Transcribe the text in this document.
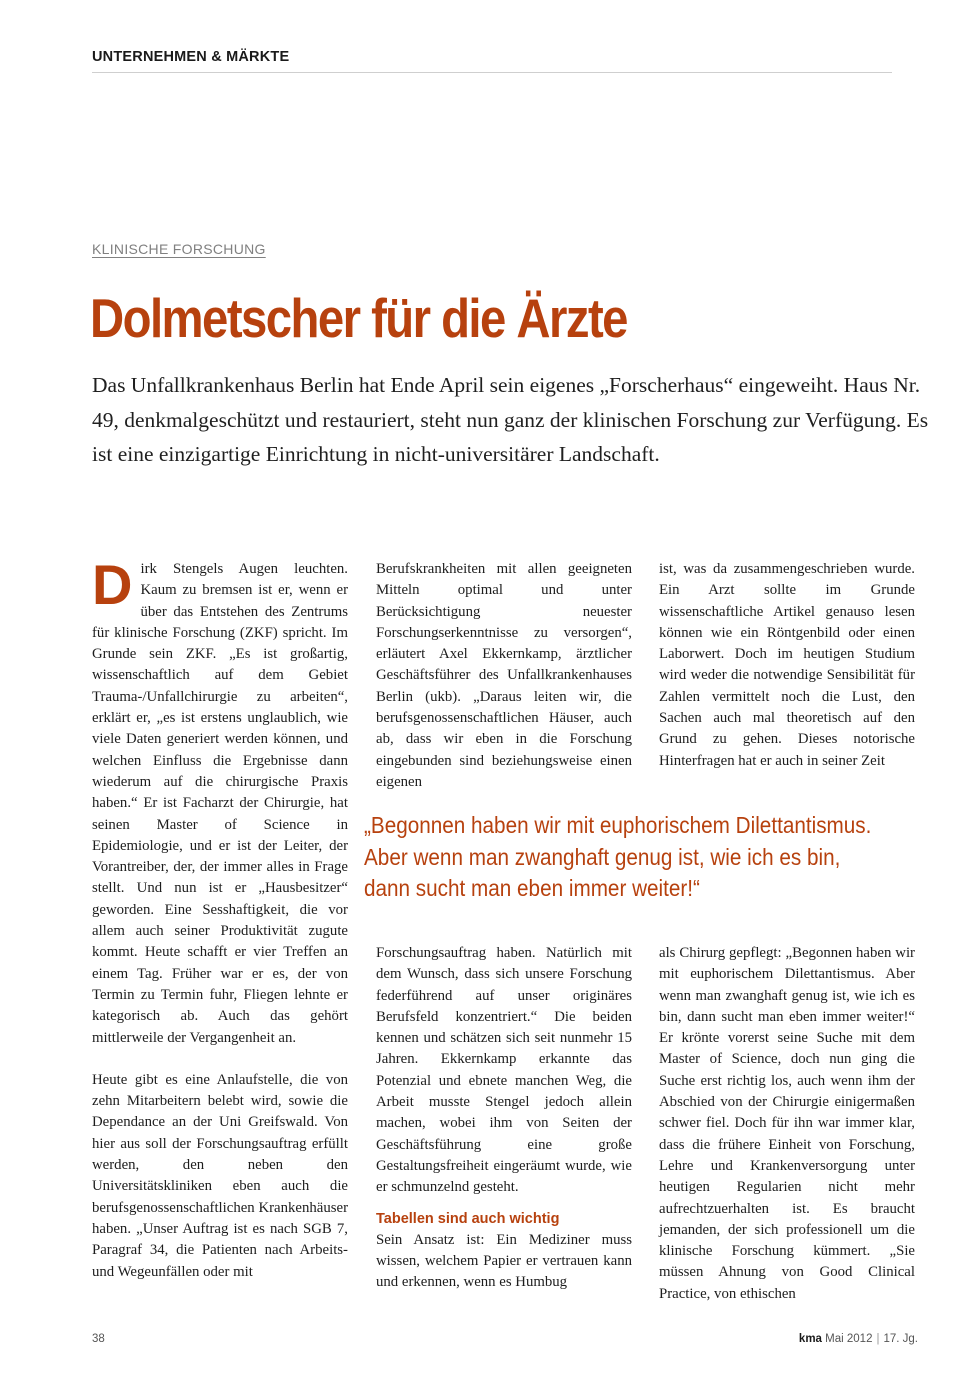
UNTERNEHMEN & MÄRKTE
KLINISCHE FORSCHUNG
Dolmetscher für die Ärzte

Das Unfallkrankenhaus Berlin hat Ende April sein eigenes „Forscherhaus“ eingeweiht. Haus Nr. 49, denkmalgeschützt und restauriert, steht nun ganz der klinischen Forschung zur Verfügung. Es ist eine einzigartige Einrichtung in nicht-universitärer Landschaft.

Dirk Stengels Augen leuchten. Kaum zu bremsen ist er, wenn er über das Entstehen des Zentrums für klinische Forschung (ZKF) spricht. Im Grunde sein ZKF. „Es ist großartig, wissenschaftlich auf dem Gebiet Trauma-/Unfallchirurgie zu arbeiten“, erklärt er, „es ist erstens unglaublich, wie viele Daten generiert werden können, und welchen Einfluss die Ergebnisse dann wiederum auf die chirurgische Praxis haben.“ Er ist Facharzt der Chirurgie, hat seinen Master of Science in Epidemiologie, und er ist der Leiter, der Vorantreiber, der, der immer alles in Frage stellt. Und nun ist er „Hausbesitzer“ geworden. Eine Sesshaftigkeit, die vor allem auch seiner Produktivität zugute kommt. Heute schafft er vier Treffen an einem Tag. Früher war er es, der von Termin zu Termin fuhr, Fliegen lehnte er kategorisch ab. Auch das gehört mittlerweile der Vergangenheit an.

Heute gibt es eine Anlaufstelle, die von zehn Mitarbeitern belebt wird, sowie die Dependance an der Uni Greifswald. Von hier aus soll der Forschungsauftrag erfüllt werden, den neben den Universitätskliniken eben auch die berufsgenossenschaftlichen Krankenhäuser haben. „Unser Auftrag ist es nach SGB 7, Paragraf 34, die Patienten nach Arbeits- und Wegeunfällen oder mit

Berufskrankheiten mit allen geeigneten Mitteln optimal und unter Berücksichtigung neuester Forschungserkenntnisse zu versorgen“, erläutert Axel Ekkernkamp, ärztlicher Geschäftsführer des Unfallkrankenhauses Berlin (ukb). „Daraus leiten wir, die berufsgenossenschaftlichen Häuser, auch ab, dass wir eben in die Forschung eingebunden sind beziehungsweise einen eigenen

ist, was da zusammengeschrieben wurde. Ein Arzt sollte im Grunde wissenschaftliche Artikel genauso lesen können wie ein Röntgenbild oder einen Laborwert. Doch im heutigen Studium wird weder die notwendige Sensibilität für Zahlen vermittelt noch die Lust, den Sachen auch mal theoretisch auf den Grund zu gehen. Dieses notorische Hinterfragen hat er auch in seiner Zeit

„Begonnen haben wir mit euphorischem Dilettantismus. Aber wenn man zwanghaft genug ist, wie ich es bin, dann sucht man eben immer weiter!“

Forschungsauftrag haben. Natürlich mit dem Wunsch, dass sich unsere Forschung federführend auf unser originäres Berufsfeld konzentriert.“ Die beiden kennen und schätzen sich seit nunmehr 15 Jahren. Ekkernkamp erkannte das Potenzial und ebnete manchen Weg, die Arbeit musste Stengel jedoch allein machen, wobei ihm von Seiten der Geschäftsführung eine große Gestaltungsfreiheit eingeräumt wurde, wie er schmunzelnd gesteht.

Tabellen sind auch wichtig

Sein Ansatz ist: Ein Mediziner muss wissen, welchem Papier er vertrauen kann und erkennen, wenn es Humbug

als Chirurg gepflegt: „Begonnen haben wir mit euphorischem Dilettantismus. Aber wenn man zwanghaft genug ist, wie ich es bin, dann sucht man eben immer weiter!“ Er krönte vorerst seine Suche mit dem Master of Science, doch nun ging die Suche erst richtig los, auch wenn ihm der Abschied von der Chirurgie einigermaßen schwer fiel. Doch für ihn war immer klar, dass die frühere Einheit von Forschung, Lehre und Krankenversorgung unter heutigen Regularien nicht mehr aufrechtzuerhalten ist. Es braucht jemanden, der sich professionell um die klinische Forschung kümmert. „Sie müssen Ahnung von Good Clinical Practice, von ethischen

38	kma Mai 2012 | 17. Jg.
